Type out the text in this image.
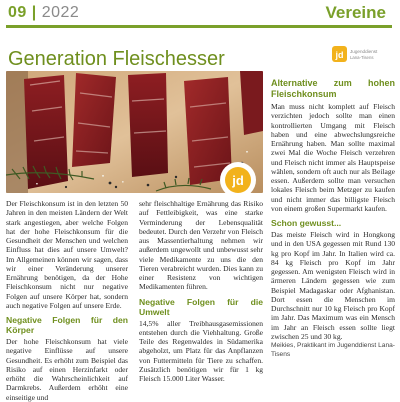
09 | 2022	Vereine
jd Jugenddienst
Lana-Tisens
Generation Fleischesser
jd

Der Fleischkonsum ist in den letzten 50 Jahren in den meisten Ländern der Welt stark angestiegen, aber welche Folgen hat der hohe Fleischkonsum für die Gesundheit der Menschen und welchen Einfluss hat dies auf unsere Umwelt? Im Allgemeinen können wir sagen, dass wir einer Veränderung unserer Ernährung benötigen, da der Hohe Fleischkonsum nicht nur negative Folgen auf unsere Körper hat, sondern auch negative Folgen auf unsere Erde.

Negative Folgen für den Körper

Der hohe Fleischkonsum hat viele negative Einflüsse auf unsere Gesundheit. Es erhöht zum Beispiel das Risiko auf einen Herzinfarkt oder erhöht die Wahrscheinlichkeit auf Darmkrebs. Außerdem erhöht eine einseitige und

sehr fleischhaltige Ernährung das Risiko auf Fettleibigkeit, was eine starke Verminderung der Lebensqualität bedeutet. Durch den Verzehr von Fleisch aus Massentierhaltung nehmen wir außerdem ungewollt und unbewusst sehr viele Medikamente zu uns die den Tieren verabreicht wurden. Dies kann zu einer Resistenz von wichtigen Medikamenten führen.

Negative Folgen für die Umwelt

14,5% aller Treibhausgasemissionen entstehen durch die Viehhaltung. Große Teile des Regenwaldes in Südamerika abgeholzt, um Platz für das Anpflanzen von Futtermitteln für Tiere zu schaffen. Zusätzlich benötigen wir für 1 kg Fleisch 15.000 Liter Wasser.

Alternative zum hohen Fleischkonsum

Man muss nicht komplett auf Fleisch verzichten jedoch sollte man einen kontrollierten Umgang mit Fleisch haben und eine abwechslungsreiche Ernährung haben. Man sollte maximal zwei Mal die Woche Fleisch verzehren und Fleisch nicht immer als Hauptspeise wählen, sondern oft auch nur als Beilage essen. Außerdem sollte man versuchen lokales Fleisch beim Metzger zu kaufen und nicht immer das billigste Fleisch von einem großen Supermarkt kaufen.

Schon gewusst...

Das meiste Fleisch wird in Hongkong und in den USA gegessen mit Rund 130 kg pro Kopf im Jahr. In Italien wird ca. 84 kg Fleisch pro Kopf im Jahr gegessen. Am wenigsten Fleisch wird in ärmeren Ländern gegessen wie zum Beispiel Madagaskar oder Afghanistan. Dort essen die Menschen im Durchschnitt nur 10 kg Fleisch pro Kopf im Jahr. Das Maximum was ein Mensch im Jahr an Fleisch essen sollte liegt zwischen 25 und 30 kg.

Meikies, Praktikant im Jugenddienst Lana-Tisens
